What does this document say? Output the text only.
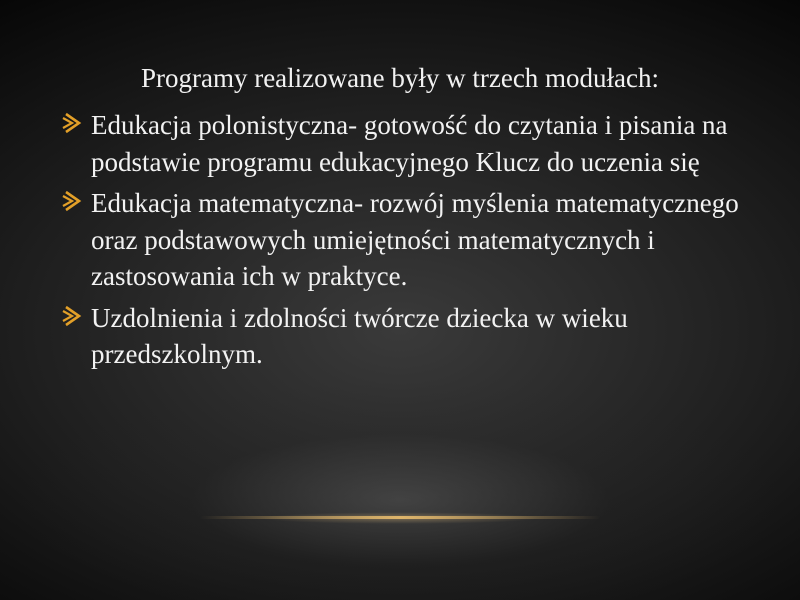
Programy realizowane były w trzech modułach:
Edukacja polonistyczna- gotowość do czytania i pisania na podstawie programu edukacyjnego Klucz do uczenia się
Edukacja matematyczna- rozwój myślenia matematycznego oraz podstawowych umiejętności matematycznych i zastosowania ich w praktyce.
Uzdolnienia i zdolności twórcze dziecka w wieku przedszkolnym.
